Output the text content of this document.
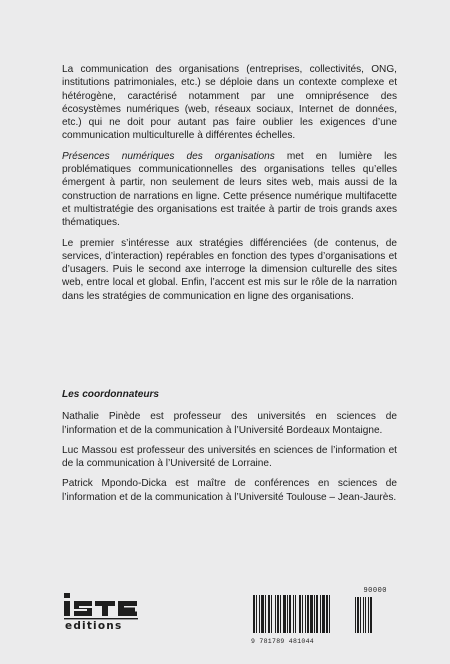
La communication des organisations (entreprises, collectivités, ONG, institutions patrimoniales, etc.) se déploie dans un contexte complexe et hétérogène, caractérisé notamment par une omniprésence des écosystèmes numériques (web, réseaux sociaux, Internet de données, etc.) qui ne doit pour autant pas faire oublier les exigences d’une communication multiculturelle à différentes échelles.

Présences numériques des organisations met en lumière les problématiques communicationnelles des organisations telles qu’elles émergent à partir, non seulement de leurs sites web, mais aussi de la construction de narrations en ligne. Cette présence numérique multifacette et multistratégie des organisations est traitée à partir de trois grands axes thématiques.

Le premier s’intéresse aux stratégies différenciées (de contenus, de services, d’interaction) repérables en fonction des types d’organisations et d’usagers. Puis le second axe interroge la dimension culturelle des sites web, entre local et global. Enfin, l’accent est mis sur le rôle de la narration dans les stratégies de communication en ligne des organisations.

Les coordonnateurs

Nathalie Pinède est professeur des universités en sciences de l’information et de la communication à l’Université Bordeaux Montaigne.

Luc Massou est professeur des universités en sciences de l’information et de la communication à l’Université de Lorraine.

Patrick Mpondo-Dicka est maître de conférences en sciences de l’information et de la communication à l’Université Toulouse – Jean-Jaurès.

editions
90000
9 781789 481044
